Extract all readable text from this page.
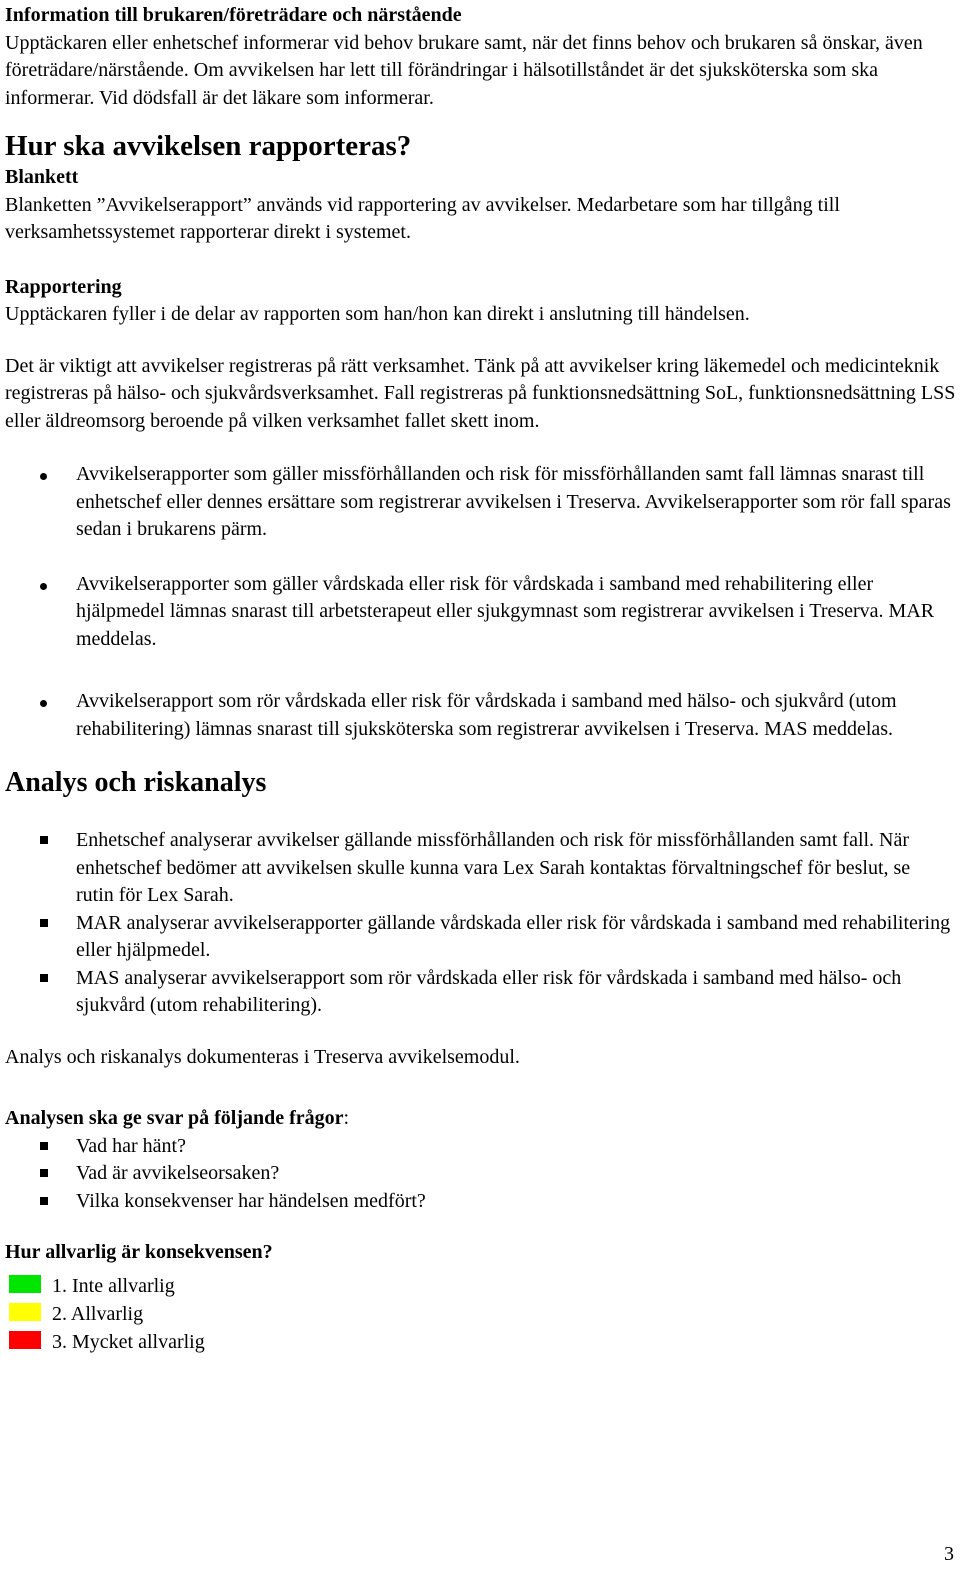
Information till brukaren/företrädare och närstående

Upptäckaren eller enhetschef informerar vid behov brukare samt, när det finns behov och brukaren så önskar, även företrädare/närstående. Om avvikelsen har lett till förändringar i hälsotillståndet är det sjuksköterska som ska informerar. Vid dödsfall är det läkare som informerar.

Hur ska avvikelsen rapporteras?

Blankett

Blanketten ”Avvikelserapport” används vid rapportering av avvikelser. Medarbetare som har tillgång till verksamhetssystemet rapporterar direkt i systemet.

Rapportering

Upptäckaren fyller i de delar av rapporten som han/hon kan direkt i anslutning till händelsen.

Det är viktigt att avvikelser registreras på rätt verksamhet. Tänk på att avvikelser kring läkemedel och medicinteknik registreras på hälso- och sjukvårdsverksamhet. Fall registreras på funktionsnedsättning SoL, funktionsnedsättning LSS eller äldreomsorg beroende på vilken verksamhet fallet skett inom.

Avvikelserapporter som gäller missförhållanden och risk för missförhållanden samt fall lämnas snarast till enhetschef eller dennes ersättare som registrerar avvikelsen i Treserva. Avvikelserapporter som rör fall sparas sedan i brukarens pärm.
Avvikelserapporter som gäller vårdskada eller risk för vårdskada i samband med rehabilitering eller hjälpmedel lämnas snarast till arbetsterapeut eller sjukgymnast som registrerar avvikelsen i Treserva. MAR meddelas.
Avvikelserapport som rör vårdskada eller risk för vårdskada i samband med hälso- och sjukvård (utom rehabilitering) lämnas snarast till sjuksköterska som registrerar avvikelsen i Treserva. MAS meddelas.

Analys och riskanalys

Enhetschef analyserar avvikelser gällande missförhållanden och risk för missförhållanden samt fall. När enhetschef bedömer att avvikelsen skulle kunna vara Lex Sarah kontaktas förvaltningschef för beslut, se rutin för Lex Sarah.
MAR analyserar avvikelserapporter gällande vårdskada eller risk för vårdskada i samband med rehabilitering eller hjälpmedel.
MAS analyserar avvikelserapport som rör vårdskada eller risk för vårdskada i samband med hälso- och sjukvård (utom rehabilitering).

Analys och riskanalys dokumenteras i Treserva avvikelsemodul.

Analysen ska ge svar på följande frågor:

Vad har hänt?
Vad är avvikelseorsaken?
Vilka konsekvenser har händelsen medfört?

Hur allvarlig är konsekvensen?

1. Inte allvarlig
2. Allvarlig
3. Mycket allvarlig
3
